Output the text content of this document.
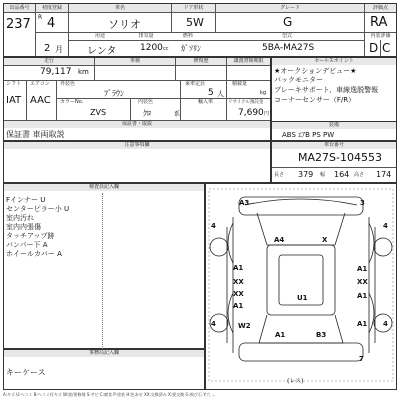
出品番号	初度登録	車名	ドア形状	グレード	評価点
237 R 4	ソリオ	5W	G	RA
用途	排気量	燃料	型式	内装評価
2 月 レンタ	1200 cc ｶﾞｿﾘﾝ	5BA-MA27S	D C
走行	車検	修復歴	譲渡書類期限
79,117 km
シフト エアコン 外装色	乗車定員	積載量
IAT AAC
ﾌﾞﾗｳﾝ	5 人	kg
カラーNo.	内装色	輸入車	リサイクル預託金
ZVS	ｸﾛ	系	7,690 円
保証書・取説
保証書 車両取説
セールスポイント
★オークションデビュー★
バックモニター
ブレーキサポート、車線逸脱警報
コーナーセンサー（F/R）
装備
ABS ｴｱB PS PW
注意事項欄	車台番号
MA27S-104553
長さ 379 幅 164 高さ 174
検査員記入欄
Fインナー U
センターピラー小 U
室内汚れ
室内内張傷
タッチアップ跡
バンパー下 A
ホイールカバー A
事務局記入欄
キーケース
A3
A4	X
A1
XX	XX
XX	U1
A1
A1
A1
W2	A1
A1	B3
4	4
4	4
3
7
(レス)
A:キズ U:ヘコミ B:ヘコミ付キズ W:波/要修理 S:サビ C:腐食 P:塗装 H:色あせ XX:交換済み X:要交換 G:飛び石 Y:穴 ...
